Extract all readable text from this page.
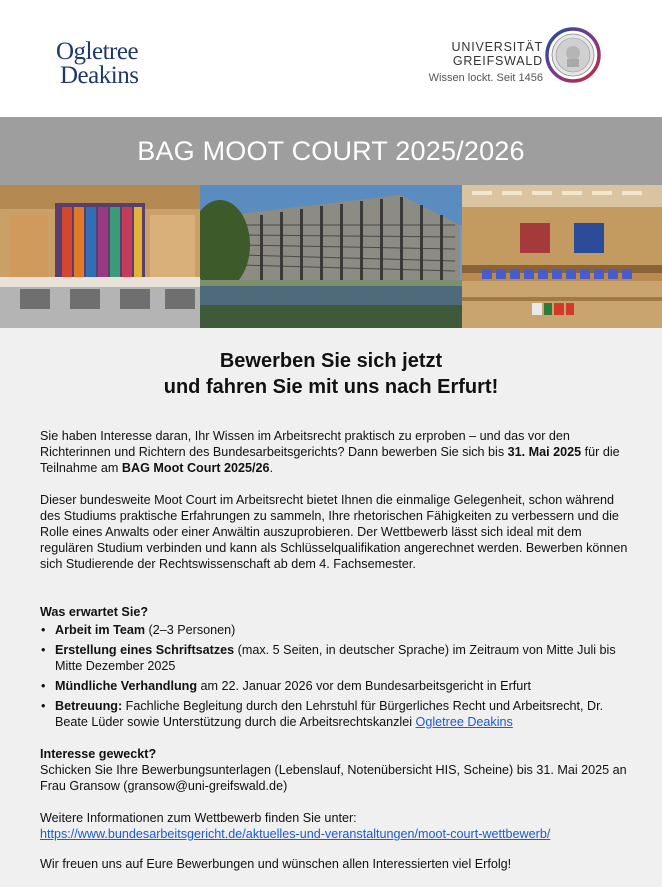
Ogletree
Deakins
UNIVERSITÄT GREIFSWALD
Wissen lockt. Seit 1456
BAG MOOT COURT 2025/2026
Bewerben Sie sich jetzt
und fahren Sie mit uns nach Erfurt!

Sie haben Interesse daran, Ihr Wissen im Arbeitsrecht praktisch zu erproben – und das vor den Richterinnen und Richtern des Bundesarbeitsgerichts? Dann bewerben Sie sich bis 31. Mai 2025 für die Teilnahme am BAG Moot Court 2025/26.

Dieser bundesweite Moot Court im Arbeitsrecht bietet Ihnen die einmalige Gelegenheit, schon während des Studiums praktische Erfahrungen zu sammeln, Ihre rhetorischen Fähigkeiten zu verbessern und die Rolle eines Anwalts oder einer Anwältin auszuprobieren. Der Wettbewerb lässt sich ideal mit dem regulären Studium verbinden und kann als Schlüsselqualifikation angerechnet werden. Bewerben können sich Studierende der Rechtswissenschaft ab dem 4. Fachsemester.

Was erwartet Sie?

• Arbeit im Team (2–3 Personen)
• Erstellung eines Schriftsatzes (max. 5 Seiten, in deutscher Sprache) im Zeitraum von Mitte Juli bis Mitte Dezember 2025
• Mündliche Verhandlung am 22. Januar 2026 vor dem Bundesarbeitsgericht in Erfurt
• Betreuung: Fachliche Begleitung durch den Lehrstuhl für Bürgerliches Recht und Arbeitsrecht, Dr. Beate Lüder sowie Unterstützung durch die Arbeitsrechtskanzlei Ogletree Deakins

Interesse geweckt?

Schicken Sie Ihre Bewerbungsunterlagen (Lebenslauf, Notenübersicht HIS, Scheine) bis 31. Mai 2025 an Frau Gransow (gransow@uni-greifswald.de)

Weitere Informationen zum Wettbewerb finden Sie unter:
https://www.bundesarbeitsgericht.de/aktuelles-und-veranstaltungen/moot-court-wettbewerb/

Wir freuen uns auf Eure Bewerbungen und wünschen allen Interessierten viel Erfolg!
